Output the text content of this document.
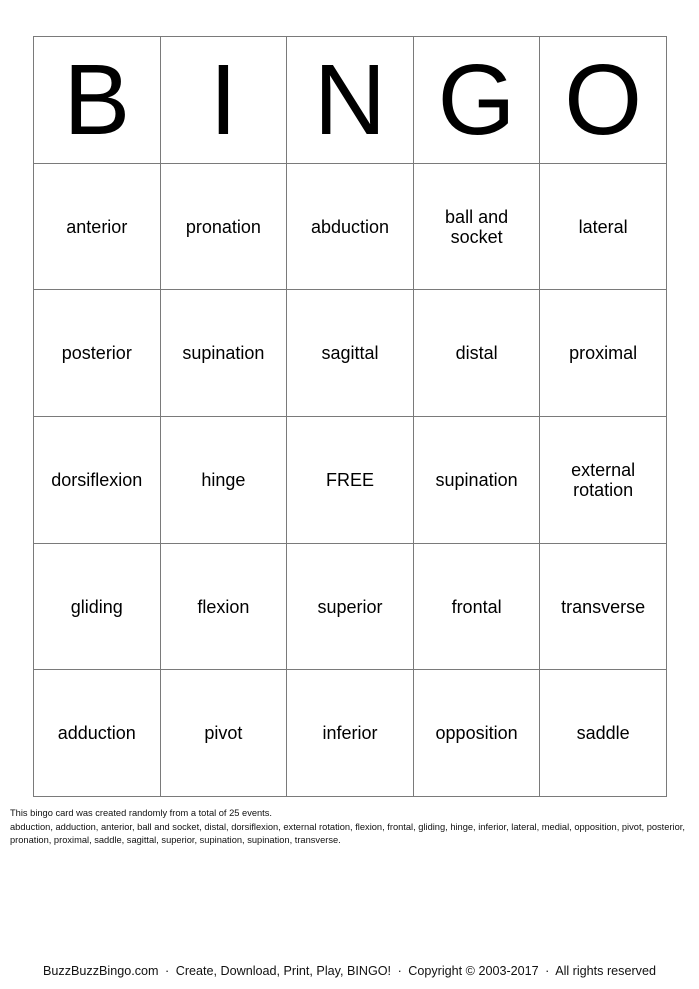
B	I	N	G	O
anterior	pronation	abduction	ball and socket	lateral
posterior	supination	sagittal	distal	proximal
dorsiflexion	hinge	FREE	supination	external rotation
gliding	flexion	superior	frontal	transverse
adduction	pivot	inferior	opposition	saddle
This bingo card was created randomly from a total of 25 events.
abduction, adduction, anterior, ball and socket, distal, dorsiflexion, external rotation, flexion, frontal, gliding, hinge, inferior, lateral, medial, opposition, pivot, posterior, pronation, proximal, saddle, sagittal, superior, supination, supination, transverse.
BuzzBuzzBingo.com · Create, Download, Print, Play, BINGO! · Copyright © 2003-2017 · All rights reserved
